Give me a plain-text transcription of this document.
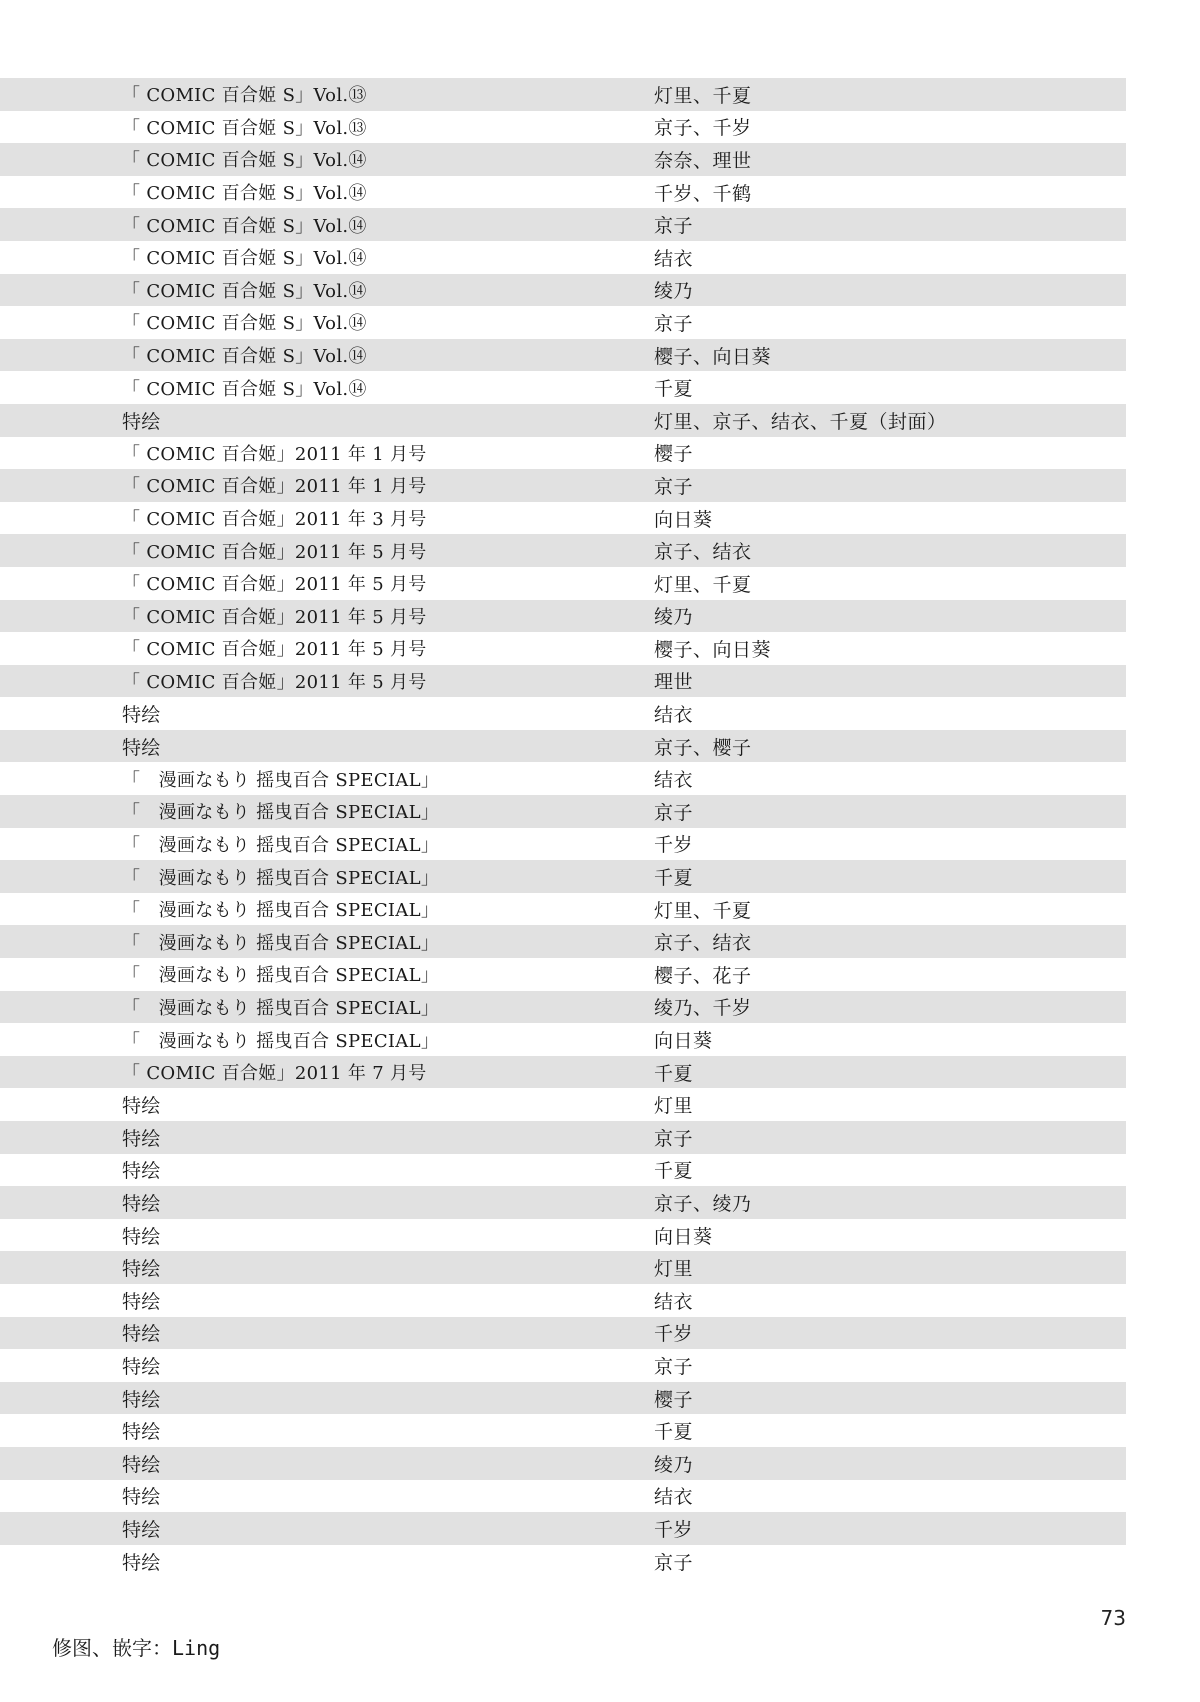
「 COMIC 百合姬 S」Vol.⑬	灯里、千夏
「 COMIC 百合姬 S」Vol.⑬	京子、千岁
「 COMIC 百合姬 S」Vol.⑭	奈奈、理世
「 COMIC 百合姬 S」Vol.⑭	千岁、千鹤
「 COMIC 百合姬 S」Vol.⑭	京子
「 COMIC 百合姬 S」Vol.⑭	结衣
「 COMIC 百合姬 S」Vol.⑭	绫乃
「 COMIC 百合姬 S」Vol.⑭	京子
「 COMIC 百合姬 S」Vol.⑭	樱子、向日葵
「 COMIC 百合姬 S」Vol.⑭	千夏
特绘	灯里、京子、结衣、千夏（封面）
「 COMIC 百合姬」2011 年 1 月号	樱子
「 COMIC 百合姬」2011 年 1 月号	京子
「 COMIC 百合姬」2011 年 3 月号	向日葵
「 COMIC 百合姬」2011 年 5 月号	京子、结衣
「 COMIC 百合姬」2011 年 5 月号	灯里、千夏
「 COMIC 百合姬」2011 年 5 月号	绫乃
「 COMIC 百合姬」2011 年 5 月号	樱子、向日葵
「 COMIC 百合姬」2011 年 5 月号	理世
特绘	结衣
特绘	京子、樱子
「　漫画なもり 摇曳百合 SPECIAL」	结衣
「　漫画なもり 摇曳百合 SPECIAL」	京子
「　漫画なもり 摇曳百合 SPECIAL」	千岁
「　漫画なもり 摇曳百合 SPECIAL」	千夏
「　漫画なもり 摇曳百合 SPECIAL」	灯里、千夏
「　漫画なもり 摇曳百合 SPECIAL」	京子、结衣
「　漫画なもり 摇曳百合 SPECIAL」	樱子、花子
「　漫画なもり 摇曳百合 SPECIAL」	绫乃、千岁
「　漫画なもり 摇曳百合 SPECIAL」	向日葵
「 COMIC 百合姬」2011 年 7 月号	千夏
特绘	灯里
特绘	京子
特绘	千夏
特绘	京子、绫乃
特绘	向日葵
特绘	灯里
特绘	结衣
特绘	千岁
特绘	京子
特绘	樱子
特绘	千夏
特绘	绫乃
特绘	结衣
特绘	千岁
特绘	京子
73
修图、嵌字：Ling
